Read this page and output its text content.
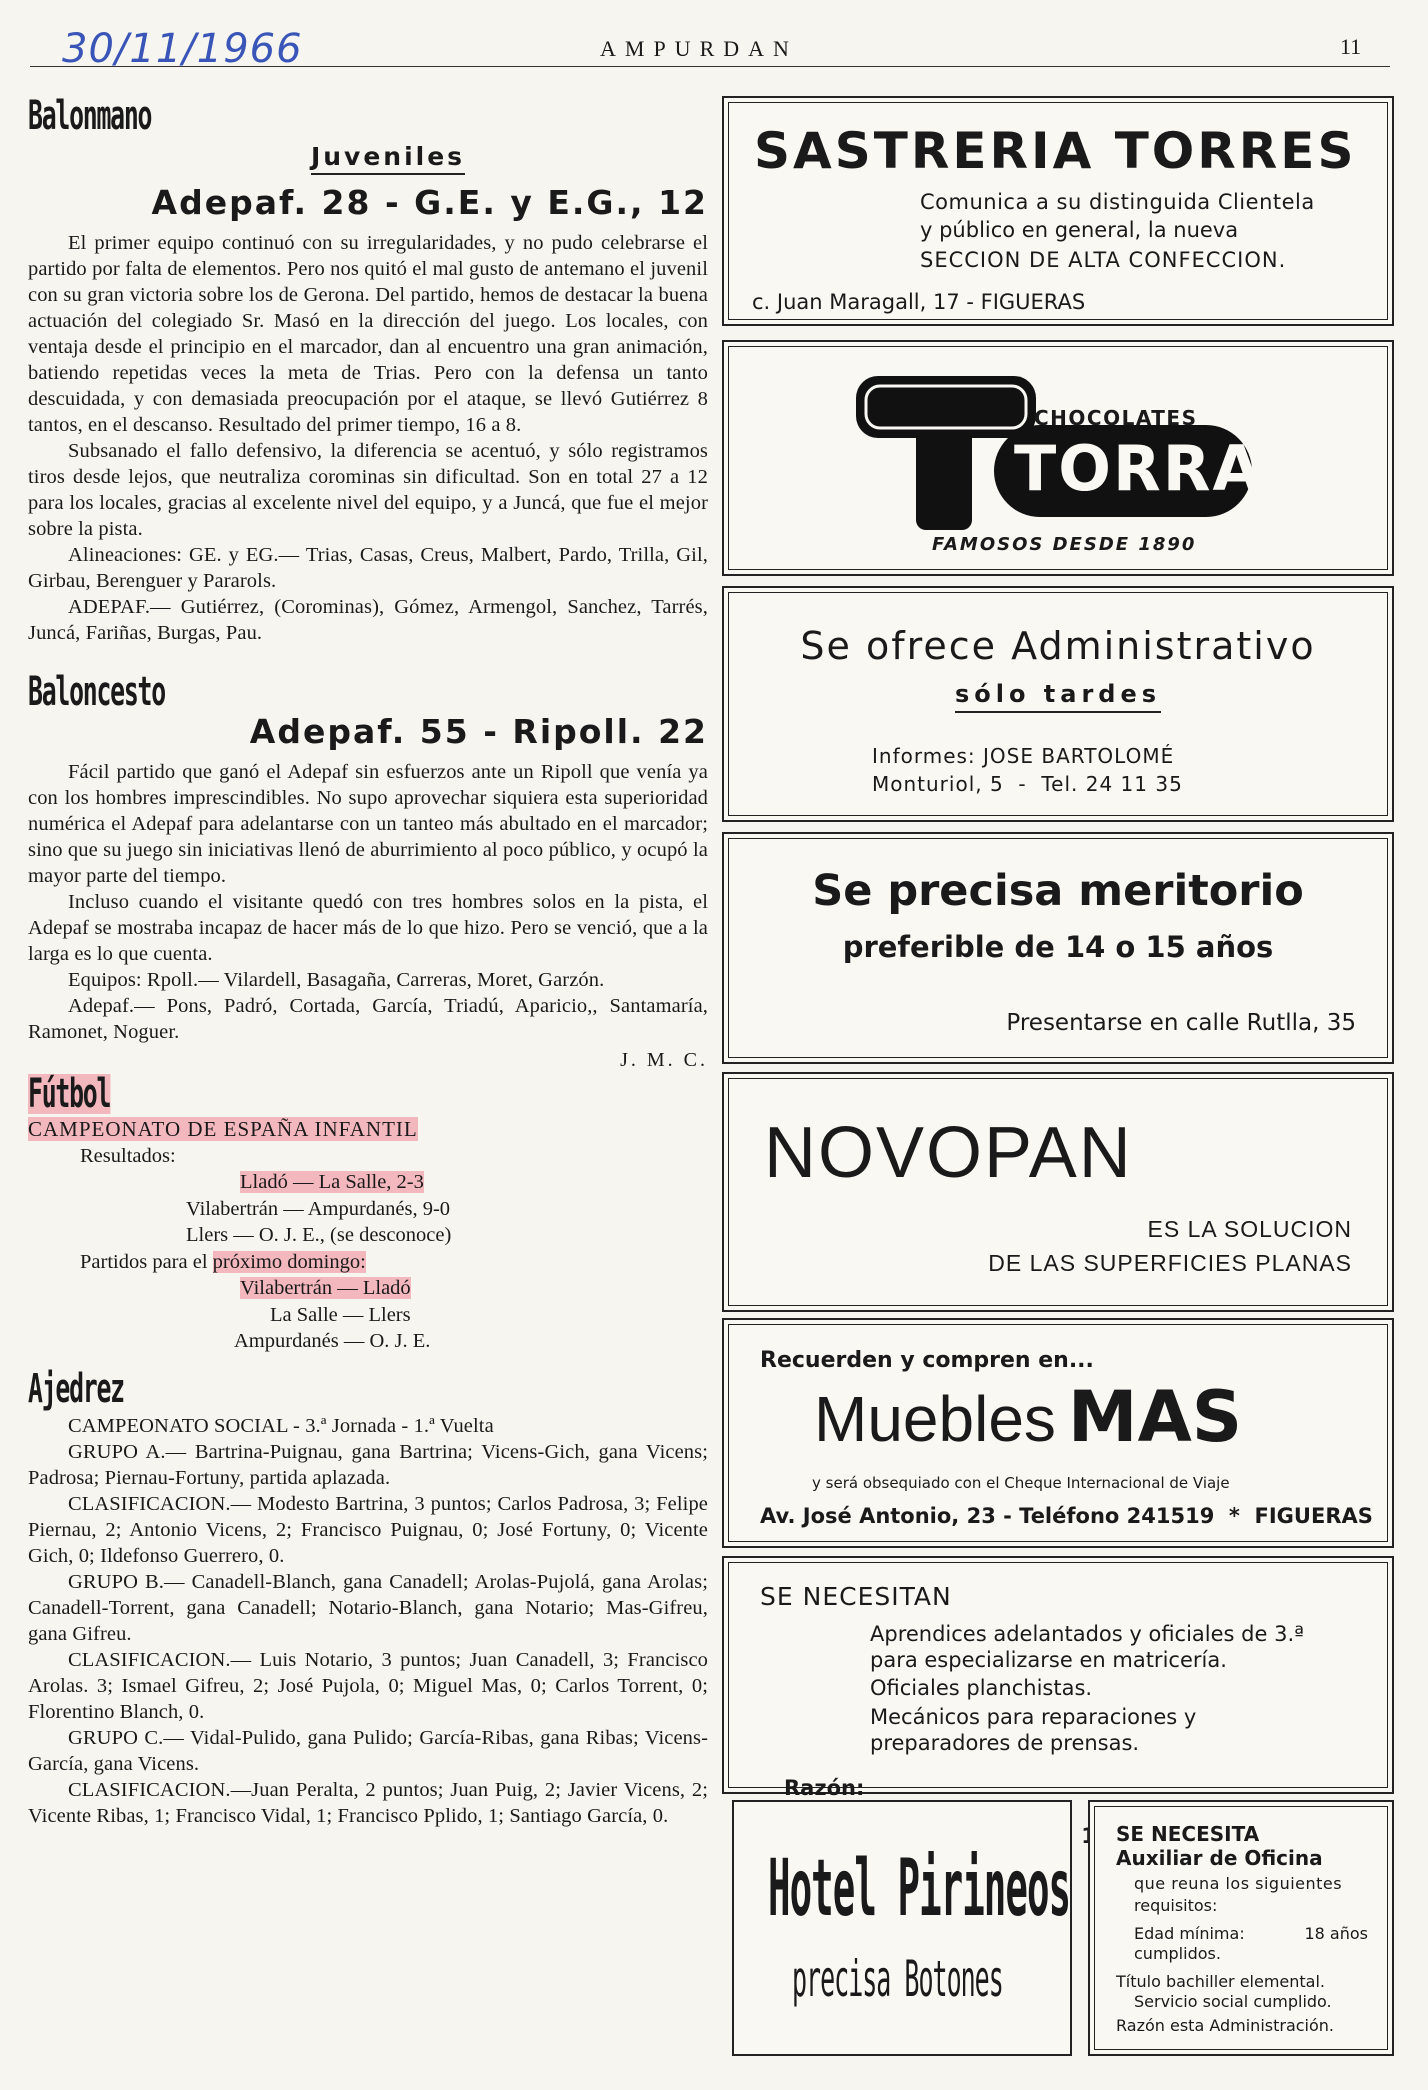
30/11/1966	AMPURDAN	11
Balonmano
Juveniles
Adepaf. 28 - G.E. y E.G., 12

El primer equipo continuó con su irregularidades, y no pudo celebrarse el partido por falta de elementos. Pero nos quitó el mal gusto de antemano el juvenil con su gran victoria sobre los de Gerona. Del partido, hemos de destacar la buena actuación del colegiado Sr. Masó en la dirección del juego. Los locales, con ventaja desde el principio en el marcador, dan al encuentro una gran animación, batiendo repetidas veces la meta de Trias. Pero con la defensa un tanto descuidada, y con demasiada preocupación por el ataque, se llevó Gutiérrez 8 tantos, en el descanso. Resultado del primer tiempo, 16 a 8.

Subsanado el fallo defensivo, la diferencia se acentuó, y sólo registramos tiros desde lejos, que neutraliza corominas sin dificultad. Son en total 27 a 12 para los locales, gracias al excelente nivel del equipo, y a Juncá, que fue el mejor sobre la pista.

Alineaciones: GE. y EG.— Trias, Casas, Creus, Malbert, Pardo, Trilla, Gil, Girbau, Berenguer y Pararols.

ADEPAF.— Gutiérrez, (Corominas), Gómez, Armengol, Sanchez, Tarrés, Juncá, Fariñas, Burgas, Pau.

Baloncesto
Adepaf. 55 - Ripoll. 22

Fácil partido que ganó el Adepaf sin esfuerzos ante un Ripoll que venía ya con los hombres imprescindibles. No supo aprovechar siquiera esta superioridad numérica el Adepaf para adelantarse con un tanteo más abultado en el marcador; sino que su juego sin iniciativas llenó de aburrimiento al poco público, y ocupó la mayor parte del tiempo.

Incluso cuando el visitante quedó con tres hombres solos en la pista, el Adepaf se mostraba incapaz de hacer más de lo que hizo. Pero se venció, que a la larga es lo que cuenta.

Equipos: Rpoll.— Vilardell, Basagaña, Carreras, Moret, Garzón.

Adepaf.— Pons, Padró, Cortada, García, Triadú, Aparicio,, Santamaría, Ramonet, Noguer.

J. M. C.
Fútbol
CAMPEONATO DE ESPAÑA INFANTIL
Resultados:
Lladó — La Salle, 2-3
Vilabertrán — Ampurdanés, 9-0
Llers — O. J. E., (se desconoce)
Partidos para el próximo domingo:
Vilabertrán — Lladó
La Salle — Llers
Ampurdanés — O. J. E.
Ajedrez

CAMPEONATO SOCIAL - 3.ª Jornada - 1.ª Vuelta

GRUPO A.— Bartrina-Puignau, gana Bartrina; Vicens-Gich, gana Vicens; Padrosa; Piernau-Fortuny, partida aplazada.

CLASIFICACION.— Modesto Bartrina, 3 puntos; Carlos Padrosa, 3; Felipe Piernau, 2; Antonio Vicens, 2; Francisco Puignau, 0; José Fortuny, 0; Vicente Gich, 0; Ildefonso Guerrero, 0.

GRUPO B.— Canadell-Blanch, gana Canadell; Arolas-Pujolá, gana Arolas; Canadell-Torrent, gana Canadell; Notario-Blanch, gana Notario; Mas-Gifreu, gana Gifreu.

CLASIFICACION.— Luis Notario, 3 puntos; Juan Canadell, 3; Francisco Arolas. 3; Ismael Gifreu, 2; José Pujola, 0; Miguel Mas, 0; Carlos Torrent, 0; Florentino Blanch, 0.

GRUPO C.— Vidal-Pulido, gana Pulido; García-Ribas, gana Ribas; Vicens-García, gana Vicens.

CLASIFICACION.—Juan Peralta, 2 puntos; Juan Puig, 2; Javier Vicens, 2; Vicente Ribas, 1; Francisco Vidal, 1; Francisco Pplido, 1; Santiago García, 0.

SASTRERIA TORRES
Comunica a su distinguida Clientela
y público en general, la nueva
SECCION DE ALTA CONFECCION.
c. Juan Maragall, 17 - FIGUERAS
CHOCOLATES
TORRAS
FAMOSOS DESDE 1890
Se ofrece Administrativo
sólo tardes
Informes: JOSE BARTOLOMÉ
Monturiol, 5  -  Tel. 24 11 35
Se precisa meritorio
preferible de 14 o 15 años
Presentarse en calle Rutlla, 35
NOVOPAN
ES LA SOLUCION
DE LAS SUPERFICIES PLANAS
Recuerden y compren en...
Muebles MAS
y será obsequiado con el Cheque Internacional de Viaje
Av. José Antonio, 23 - Teléfono 241519  *  FIGUERAS
SE NECESITAN
Aprendices adelantados y oficiales de 3.ª
para especializarse en matricería.
Oficiales planchistas.
Mecánicos para reparaciones y preparadores de prensas.

Razón:

Hotel Pirineos
precisa Botones
SE NECESITA
Auxiliar de Oficina
que reuna los siguientes
requisitos:
Edad mínima:	18 años
cumplidos.
Título bachiller elemental.
Servicio social cumplido.
Razón esta Administración.
